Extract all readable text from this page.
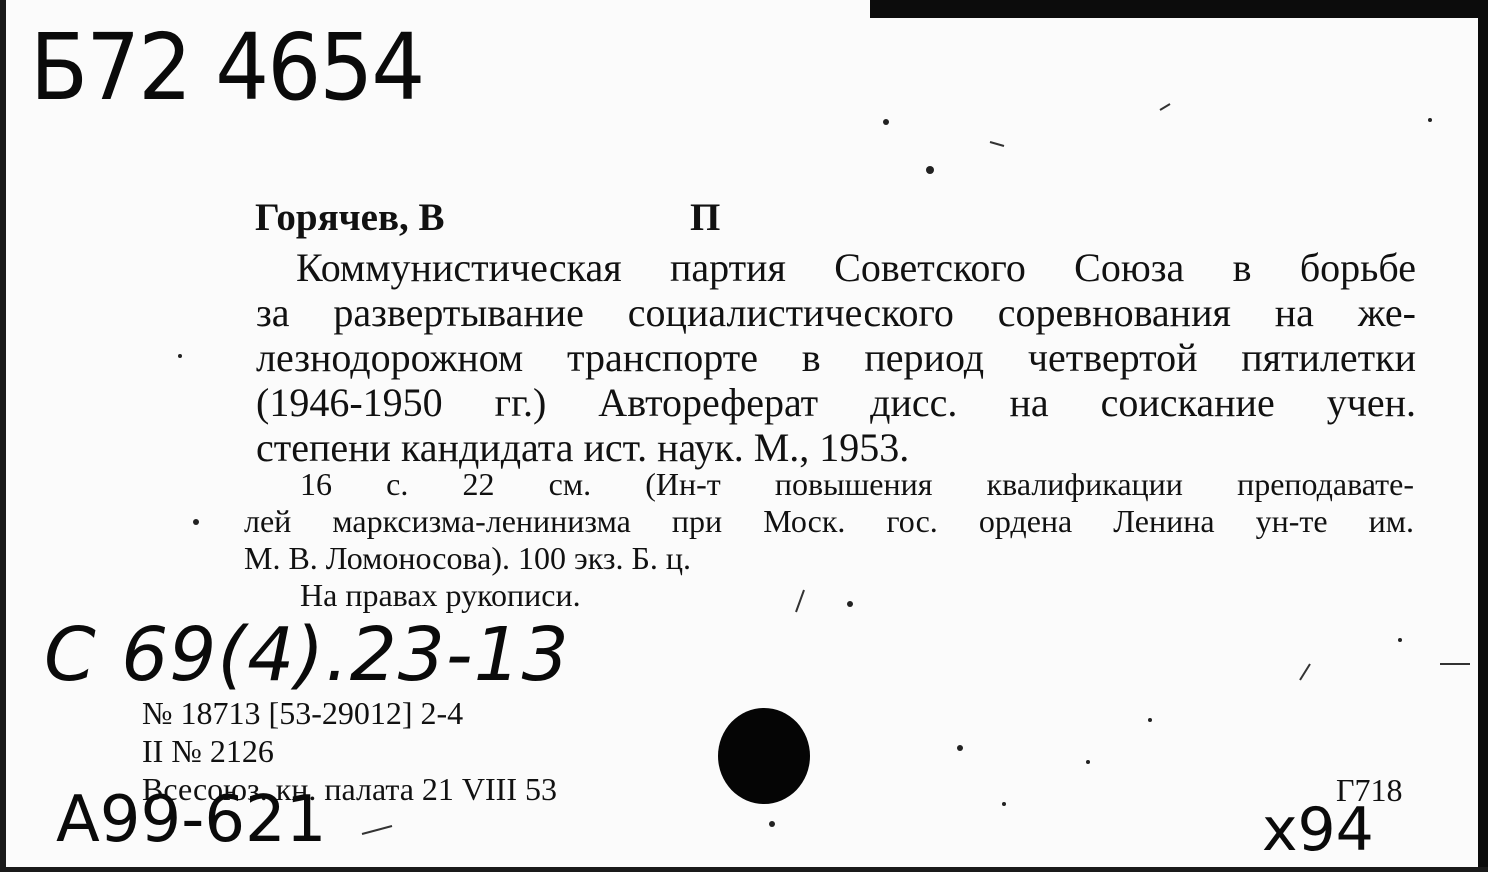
Б72 4654
Горячев, В	П
Коммунистическая партия Советского Союза в борьбе
за развертывание социалистического соревнования на же-
лезнодорожном транспорте в период четвертой пятилетки
(1946-1950 гг.) Автореферат дисс. на соискание учен.
степени кандидата ист. наук. М., 1953.
16 с. 22 см. (Ин-т повышения квалификации преподавате-
лей марксизма-ленинизма при Моск. гос. ордена Ленина ун-те им.
М. В. Ломоносова). 100 экз. Б. ц.
На правах рукописи.
С 69(4).23-13
№ 18713 [53-29012] 2-4
II № 2126
Всесоюз. кн. палата 21 VIII 53	Г718
А99-621	х94
